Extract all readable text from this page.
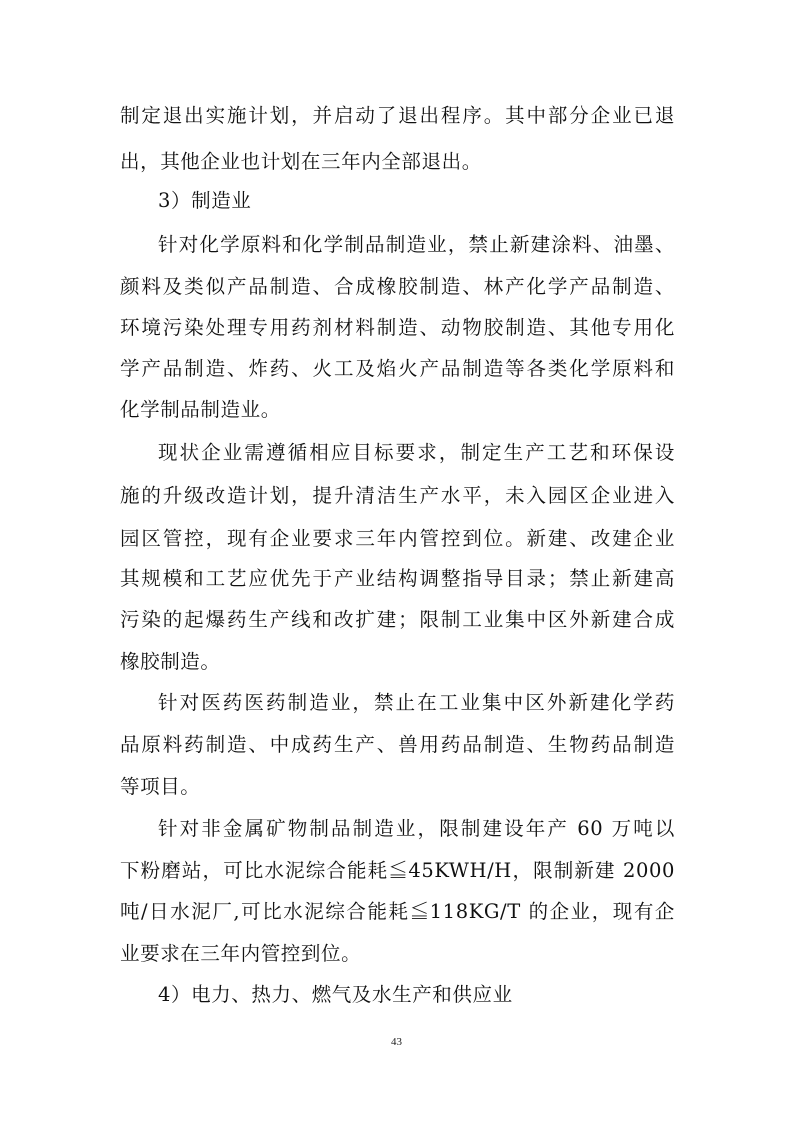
制定退出实施计划，并启动了退出程序。其中部分企业已退
出，其他企业也计划在三年内全部退出。
3）制造业
针对化学原料和化学制品制造业，禁止新建涂料、油墨、
颜料及类似产品制造、合成橡胶制造、林产化学产品制造、
环境污染处理专用药剂材料制造、动物胶制造、其他专用化
学产品制造、炸药、火工及焰火产品制造等各类化学原料和
化学制品制造业。
现状企业需遵循相应目标要求，制定生产工艺和环保设
施的升级改造计划，提升清洁生产水平，未入园区企业进入
园区管控，现有企业要求三年内管控到位。新建、改建企业
其规模和工艺应优先于产业结构调整指导目录；禁止新建高
污染的起爆药生产线和改扩建；限制工业集中区外新建合成
橡胶制造。
针对医药医药制造业，禁止在工业集中区外新建化学药
品原料药制造、中成药生产、兽用药品制造、生物药品制造
等项目。
针对非金属矿物制品制造业，限制建设年产 60 万吨以
下粉磨站，可比水泥综合能耗≦45KWH/H，限制新建 2000
吨/日水泥厂,可比水泥综合能耗≦118KG/T 的企业，现有企
业要求在三年内管控到位。
4）电力、热力、燃气及水生产和供应业
43
